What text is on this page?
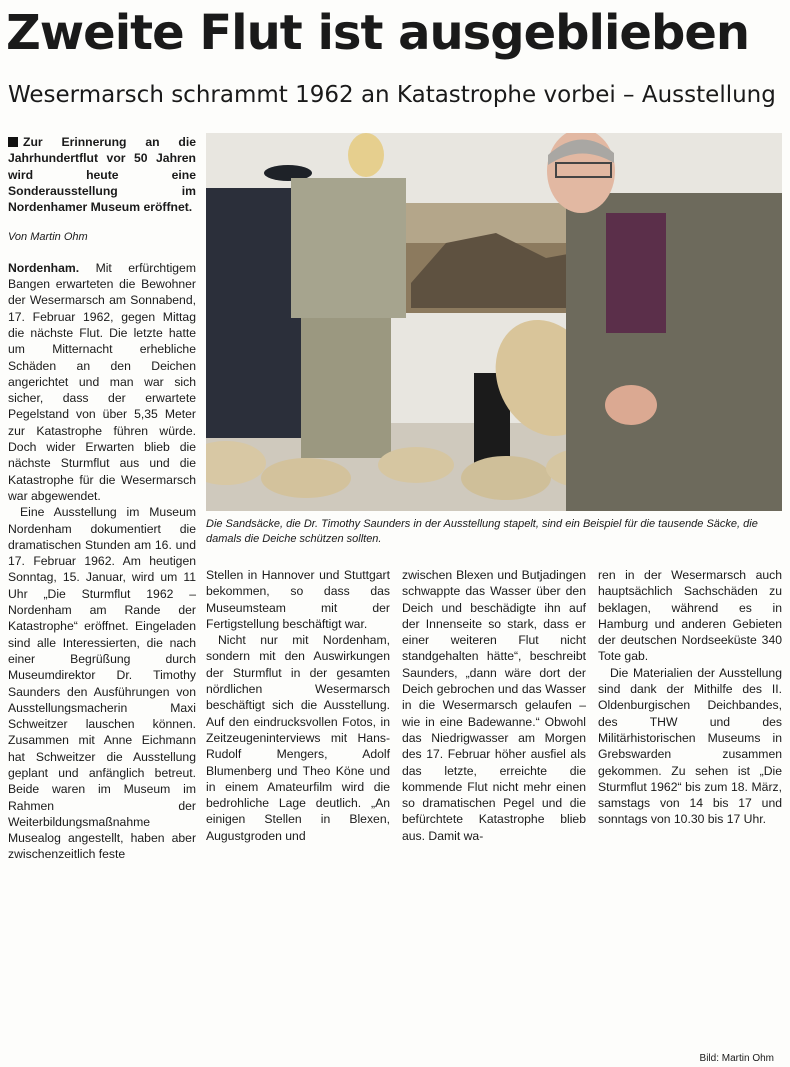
Zweite Flut ist ausgeblieben
Wesermarsch schrammt 1962 an Katastrophe vorbei – Ausstellung

Zur Erinnerung an die Jahrhundertflut vor 50 Jahren wird heute eine Sonderausstellung im Nordenhamer Museum eröffnet.

Von Martin Ohm

Nordenham. Mit erfürchtigem Bangen erwarteten die Bewohner der Wesermarsch am Sonnabend, 17. Februar 1962, gegen Mittag die nächste Flut. Die letzte hatte um Mitternacht erhebliche Schäden an den Deichen angerichtet und man war sich sicher, dass der erwartete Pegelstand von über 5,35 Meter zur Katastrophe führen würde. Doch wider Erwarten blieb die nächste Sturmflut aus und die Katastrophe für die Wesermarsch war abgewendet.

Eine Ausstellung im Museum Nordenham dokumentiert die dramatischen Stunden am 16. und 17. Februar 1962. Am heutigen Sonntag, 15. Januar, wird um 11 Uhr „Die Sturmflut 1962 – Nordenham am Rande der Katastrophe“ eröffnet. Eingeladen sind alle Interessierten, die nach einer Begrüßung durch Museumdirektor Dr. Timothy Saunders den Ausführungen von Ausstellungsmacherin Maxi Schweitzer lauschen können. Zusammen mit Anne Eichmann hat Schweitzer die Ausstellung geplant und anfänglich betreut. Beide waren im Museum im Rahmen der Weiterbildungsmaßnahme Musealog angestellt, haben aber zwischenzeitlich feste

Die Sandsäcke, die Dr. Timothy Saunders in der Ausstellung stapelt, sind ein Beispiel für die tausende Säcke, die damals die Deiche schützen sollten.
Bild: Martin Ohm

Stellen in Hannover und Stuttgart bekommen, so dass das Museumsteam mit der Fertigstellung beschäftigt war.

Nicht nur mit Nordenham, sondern mit den Auswirkungen der Sturmflut in der gesamten nördlichen Wesermarsch beschäftigt sich die Ausstellung. Auf den eindrucksvollen Fotos, in Zeitzeugeninterviews mit Hans-Rudolf Mengers, Adolf Blumenberg und Theo Köne und in einem Amateurfilm wird die bedrohliche Lage deutlich. „An einigen Stellen in Blexen, Augustgroden und

zwischen Blexen und Butjadingen schwappte das Wasser über den Deich und beschädigte ihn auf der Innenseite so stark, dass er einer weiteren Flut nicht standgehalten hätte“, beschreibt Saunders, „dann wäre dort der Deich gebrochen und das Wasser in die Wesermarsch gelaufen – wie in eine Badewanne.“ Obwohl das Niedrigwasser am Morgen des 17. Februar höher ausfiel als das letzte, erreichte die kommende Flut nicht mehr einen so dramatischen Pegel und die befürchtete Katastrophe blieb aus. Damit wa-

ren in der Wesermarsch auch hauptsächlich Sachschäden zu beklagen, während es in Hamburg und anderen Gebieten der deutschen Nordseeküste 340 Tote gab.

Die Materialien der Ausstellung sind dank der Mithilfe des II. Oldenburgischen Deichbandes, des THW und des Militärhistorischen Museums in Grebswarden zusammen gekommen. Zu sehen ist „Die Sturmflut 1962“ bis zum 18. März, samstags von 14 bis 17 und sonntags von 10.30 bis 17 Uhr.
